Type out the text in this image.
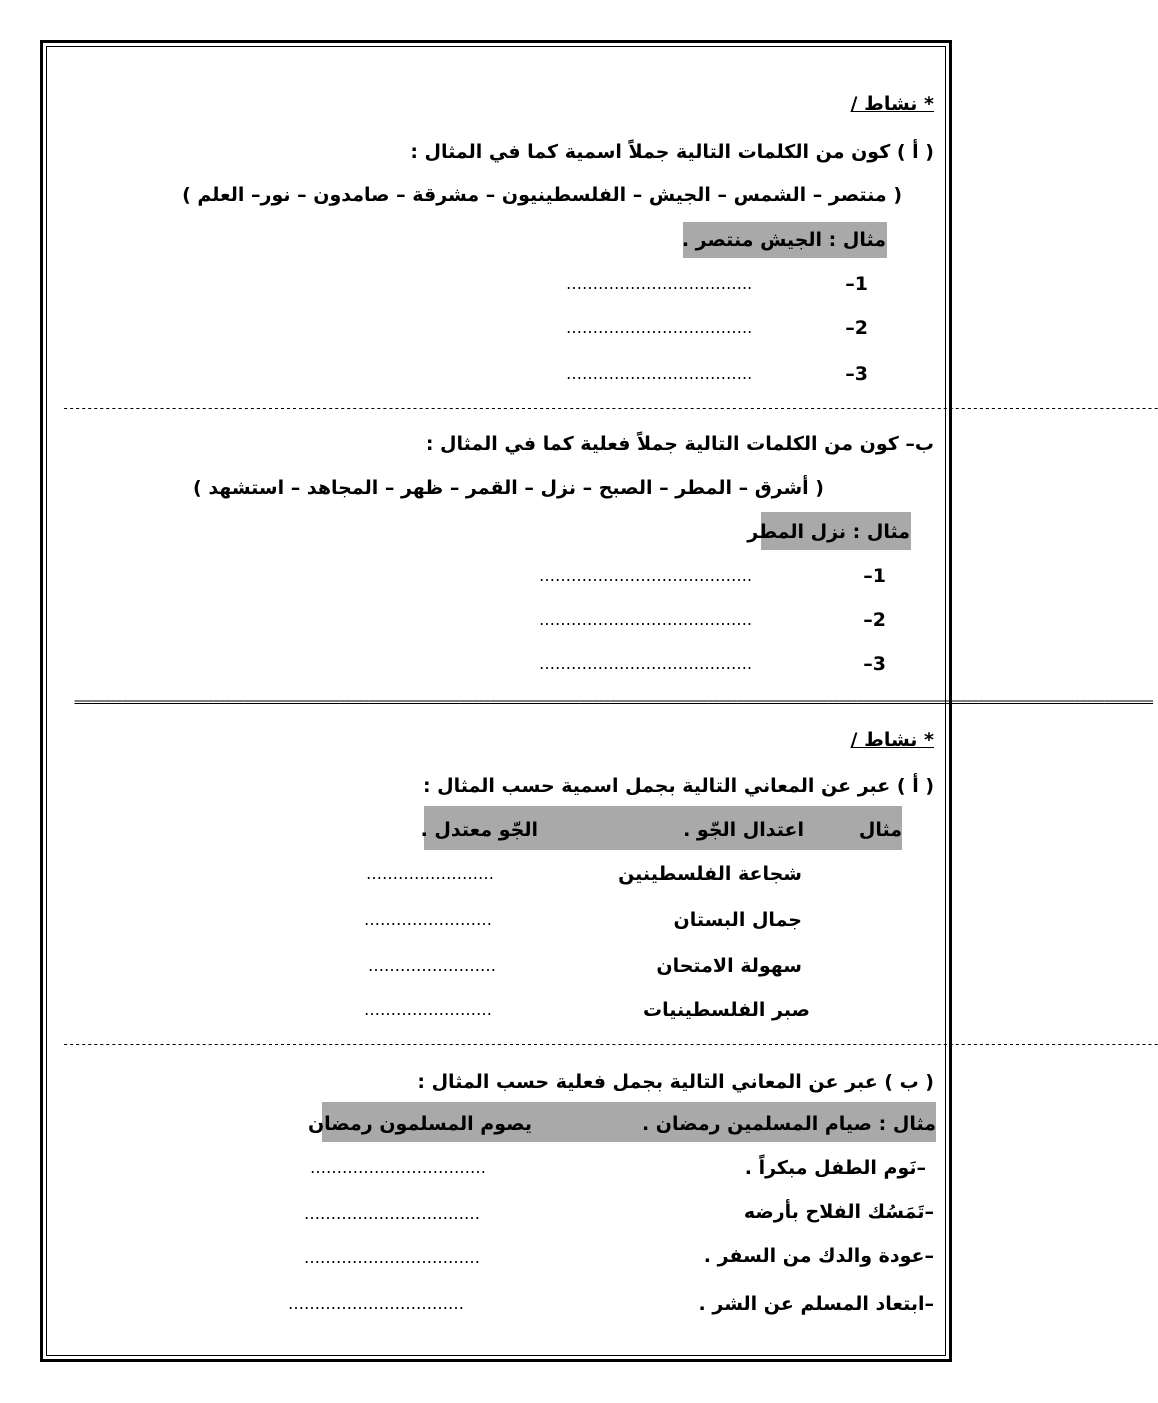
* نشاط /
( أ ) كون من الكلمات التالية جملاً اسمية كما في المثال :
( منتصر – الشمس – الجيش – الفلسطينيون – مشرقة – صامدون – نور– العلم )
مثال : الجيش منتصر .
1–
……………………………..
2–
……………………………..
3–
……………………………..
--------------------------------------------------------------------------------------------------------------------------------------------------------------------------------------
ب– كون من الكلمات التالية جملاً فعلية كما في المثال :
( أشرق – المطر – الصبح – نزل – القمر – ظهر – المجاهد – استشهد )
مثال : نزل المطر
1–
………………………………….
2–
………………………………….
3–
………………………………….
===================================================================================================================================================================================
* نشاط /
( أ ) عبر عن المعاني التالية بجمل اسمية حسب المثال :
مثال
اعتدال الجّو .
الجّو معتدل .
شجاعة الفلسطينين
……………………
جمال البستان
……………………
سهولة الامتحان
……………………
صبر الفلسطينيات
……………………
--------------------------------------------------------------------------------------------------------------------------------------------------------------------------------------
( ب ) عبر عن المعاني التالية بجمل فعلية حسب المثال :
مثال : صيام المسلمين رمضان .
يصوم المسلمون رمضان
–نَوم الطفل مبكراً .
……………………………
–تَمَسُك الفلاح بأرضه
……………………………
–عودة والدك من السفر .
……………………………
–ابتعاد المسلم عن الشر .
……………………………
